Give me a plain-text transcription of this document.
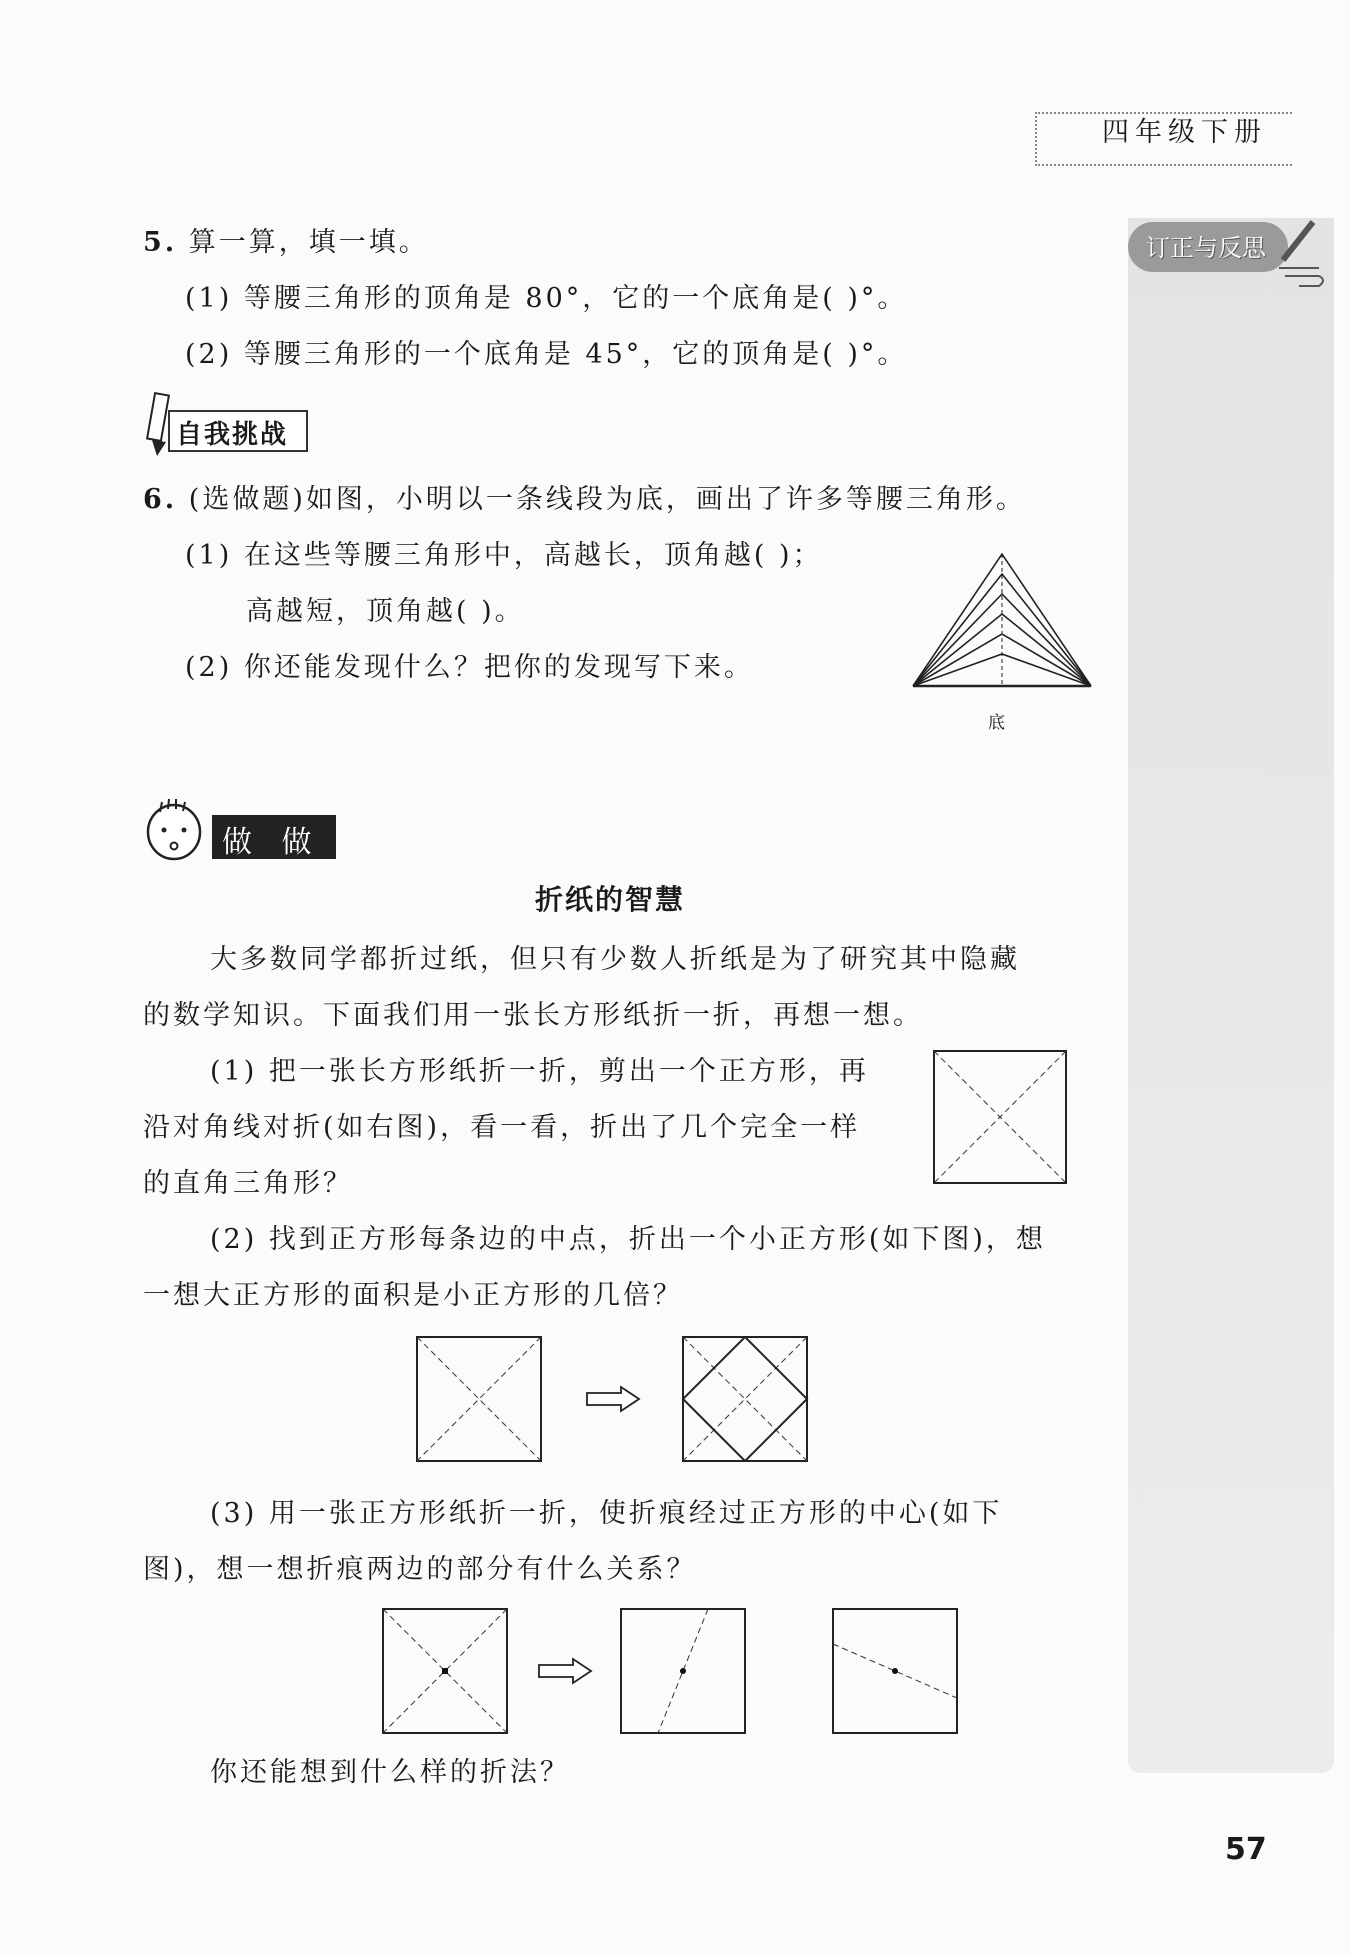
四年级下册
订正与反思
5. 算一算，填一填。
(1) 等腰三角形的顶角是 80°，它的一个底角是( )°。
(2) 等腰三角形的一个底角是 45°，它的顶角是( )°。
自我挑战
6. (选做题)如图，小明以一条线段为底，画出了许多等腰三角形。
(1) 在这些等腰三角形中，高越长，顶角越( )；
高越短，顶角越( )。
(2) 你还能发现什么？把你的发现写下来。
底
做 做
折纸的智慧
大多数同学都折过纸，但只有少数人折纸是为了研究其中隐藏
的数学知识。下面我们用一张长方形纸折一折，再想一想。
(1) 把一张长方形纸折一折，剪出一个正方形，再
沿对角线对折(如右图)，看一看，折出了几个完全一样
的直角三角形？
(2) 找到正方形每条边的中点，折出一个小正方形(如下图)，想
一想大正方形的面积是小正方形的几倍？
(3) 用一张正方形纸折一折，使折痕经过正方形的中心(如下
图)，想一想折痕两边的部分有什么关系？
你还能想到什么样的折法？
57
